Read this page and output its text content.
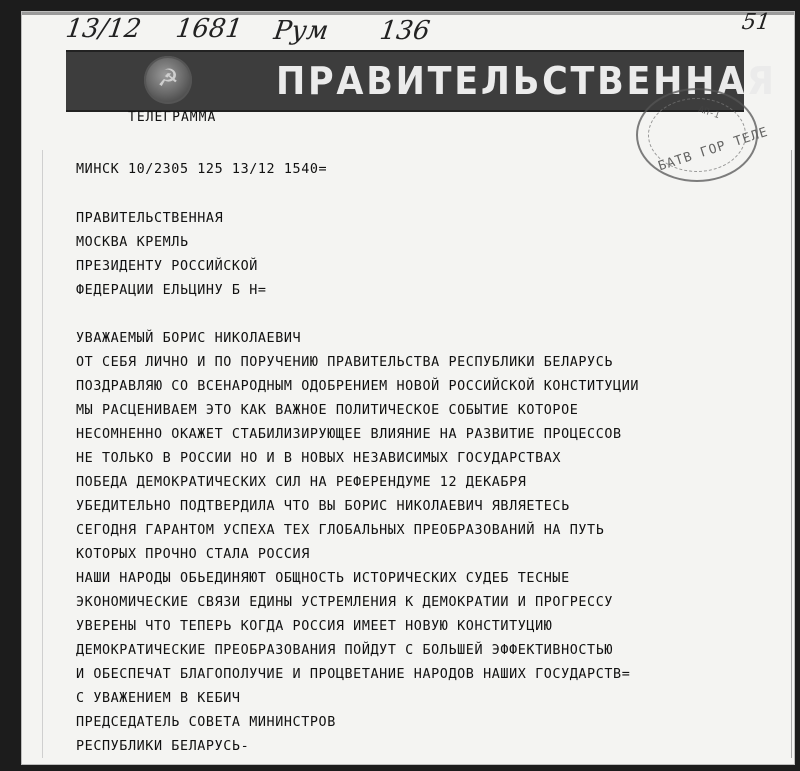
13/12 1681 Рум 136	51
☭
ПРАВИТЕЛЬСТВЕННАЯ
ТЕЛЕГРАММА	АП-1
БАТВ ГОР ТЕЛЕ
МИНСК 10/2305 125 13/12 1540=

ПРАВИТЕЛЬСТВЕННАЯ

МОСКВА КРЕМЛЬ

ПРЕЗИДЕНТУ РОССИЙСКОЙ

ФЕДЕРАЦИИ ЕЛЬЦИНУ Б Н=

УВАЖАЕМЫЙ БОРИС НИКОЛАЕВИЧ

ОТ СЕБЯ ЛИЧНО И ПО ПОРУЧЕНИЮ ПРАВИТЕЛЬСТВА РЕСПУБЛИКИ БЕЛАРУСЬ

ПОЗДРАВЛЯЮ СО ВСЕНАРОДНЫМ ОДОБРЕНИЕМ НОВОЙ РОССИЙСКОЙ КОНСТИТУЦИИ

МЫ РАСЦЕНИВАЕМ ЭТО КАК ВАЖНОЕ ПОЛИТИЧЕСКОЕ СОБЫТИЕ КОТОРОЕ

НЕСОМНЕННО ОКАЖЕТ СТАБИЛИЗИРУЮЩЕЕ ВЛИЯНИЕ НА РАЗВИТИЕ ПРОЦЕССОВ

НЕ ТОЛЬКО В РОССИИ НО И В НОВЫХ НЕЗАВИСИМЫХ ГОСУДАРСТВАХ

ПОБЕДА ДЕМОКРАТИЧЕСКИХ СИЛ НА РЕФЕРЕНДУМЕ 12 ДЕКАБРЯ

УБЕДИТЕЛЬНО ПОДТВЕРДИЛА ЧТО ВЫ БОРИС НИКОЛАЕВИЧ ЯВЛЯЕТЕСЬ

СЕГОДНЯ ГАРАНТОМ УСПЕХА ТЕХ ГЛОБАЛЬНЫХ ПРЕОБРАЗОВАНИЙ НА ПУТЬ

КОТОРЫХ ПРОЧНО СТАЛА РОССИЯ

НАШИ НАРОДЫ ОБЬЕДИНЯЮТ ОБЩНОСТЬ ИСТОРИЧЕСКИХ СУДЕБ ТЕСНЫЕ

ЭКОНОМИЧЕСКИЕ СВЯЗИ ЕДИНЫ УСТРЕМЛЕНИЯ К ДЕМОКРАТИИ И ПРОГРЕССУ

УВЕРЕНЫ ЧТО ТЕПЕРЬ КОГДА РОССИЯ ИМЕЕТ НОВУЮ КОНСТИТУЦИЮ

ДЕМОКРАТИЧЕСКИЕ ПРЕОБРАЗОВАНИЯ ПОЙДУТ С БОЛЬШЕЙ ЭФФЕКТИВНОСТЬЮ

И ОБЕСПЕЧАТ БЛАГОПОЛУЧИЕ И ПРОЦВЕТАНИЕ НАРОДОВ НАШИХ ГОСУДАРСТВ=

С УВАЖЕНИЕМ В КЕБИЧ

ПРЕДСЕДАТЕЛЬ СОВЕТА МИНИНСТРОВ

РЕСПУБЛИКИ БЕЛАРУСЬ-
